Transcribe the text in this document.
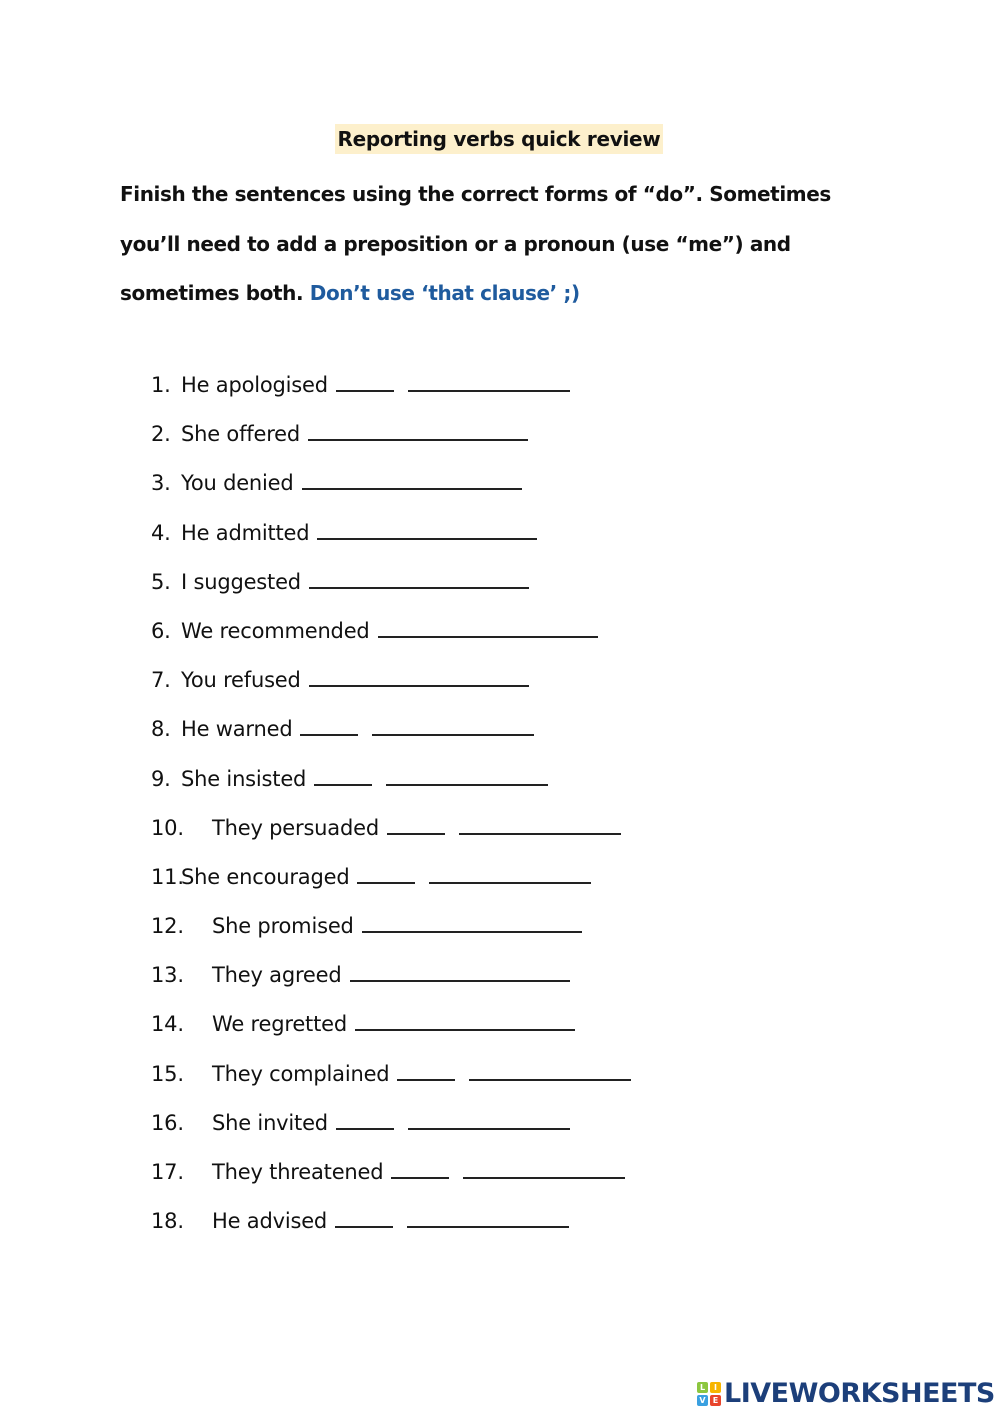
Reporting verbs quick review
Finish the sentences using the correct forms of “do”. Sometimes
you’ll need to add a preposition or a pronoun (use “me”) and
sometimes both. Don’t use ‘that clause’ ;)
1. He apologised
2. She offered
3. You denied
4. He admitted
5. I suggested
6. We recommended
7. You refused
8. He warned
9. She insisted
10.	They persuaded
11.
She encouraged
12.	She promised
13.	They agreed
14.	We regretted
15.	They complained
16.	She invited
17.	They threatened
18.	He advised
L	I
V E LIVEWORKSHEETS
